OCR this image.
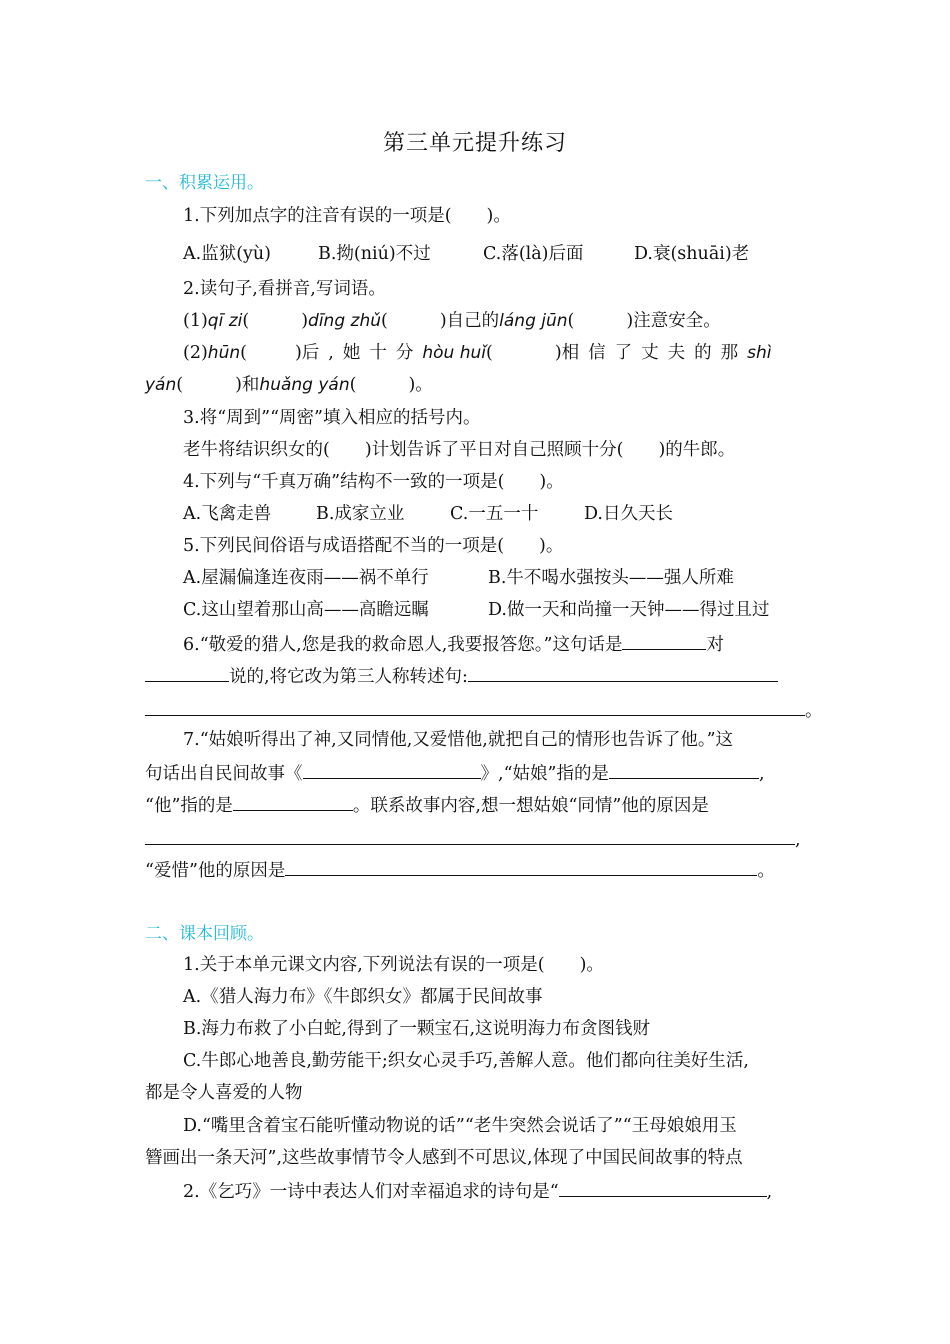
第三单元提升练习
一、积累运用。
1.下列加点字的注音有误的一项是(　　)。
A.监狱(yù)	B.拗(niú)不过	C.落(là)后面	D.衰(shuāi)老
2.读句子,看拼音,写词语。
(1)qī zi(	)dīng zhǔ(	)自己的láng jūn(	)注意安全。
(2)hūn(	)后,她十分hòu huǐ(	)相信了丈夫的那shì
yán(	)和huǎng yán(	)。
3.将“周到”“周密”填入相应的括号内。
老牛将结识织女的(　　)计划告诉了平日对自己照顾十分(　　)的牛郎。
4.下列与“千真万确”结构不一致的一项是(　　)。
A.飞禽走兽	B.成家立业	C.一五一十	D.日久天长
5.下列民间俗语与成语搭配不当的一项是(　　)。
A.屋漏偏逢连夜雨——祸不单行	B.牛不喝水强按头——强人所难
C.这山望着那山高——高瞻远瞩	D.做一天和尚撞一天钟——得过且过
6.“敬爱的猎人,您是我的救命恩人,我要报答您。”这句话是	对
说的,将它改为第三人称转述句:
。
7.“姑娘听得出了神,又同情他,又爱惜他,就把自己的情形也告诉了他。”这
句话出自民间故事《	》,“姑娘”指的是	,
“他”指的是	。联系故事内容,想一想姑娘“同情”他的原因是
,
“爱惜”他的原因是	。
二、课本回顾。
1.关于本单元课文内容,下列说法有误的一项是(　　)。
A.《猎人海力布》《牛郎织女》都属于民间故事
B.海力布救了小白蛇,得到了一颗宝石,这说明海力布贪图钱财
C.牛郎心地善良,勤劳能干;织女心灵手巧,善解人意。他们都向往美好生活,
都是令人喜爱的人物
D.“嘴里含着宝石能听懂动物说的话”“老牛突然会说话了”“王母娘娘用玉
簪画出一条天河”,这些故事情节令人感到不可思议,体现了中国民间故事的特点
2.《乞巧》一诗中表达人们对幸福追求的诗句是“	,
